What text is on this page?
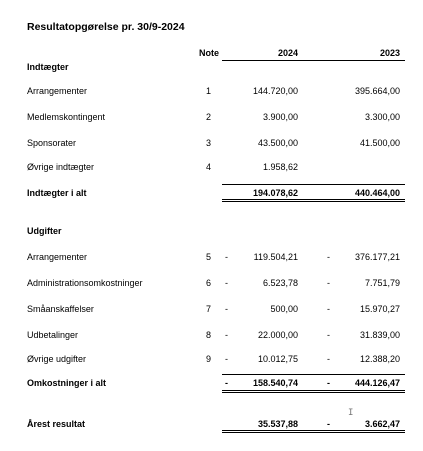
Resultatopgørelse pr. 30/9-2024
Note	2024	2023
Indtægter
Arrangementer	1	144.720,00	395.664,00
Medlemskontingent	2	3.900,00	3.300,00
Sponsorater	3	43.500,00	41.500,00
Øvrige indtægter	4	1.958,62
Indtægter i alt	194.078,62	440.464,00
Udgifter
Arrangementer	5 -	119.504,21	-	376.177,21
Administrationsomkostninger	6 -	6.523,78	-	7.751,79
Småanskaffelser	7 -	500,00	-	15.970,27
Udbetalinger	8 -	22.000,00	-	31.839,00
Øvrige udgifter	9 -	10.012,75	-	12.388,20
Omkostninger i alt	-	158.540,74	-	444.126,47
Årest resultat	35.537,88	-	3.662,47
I
